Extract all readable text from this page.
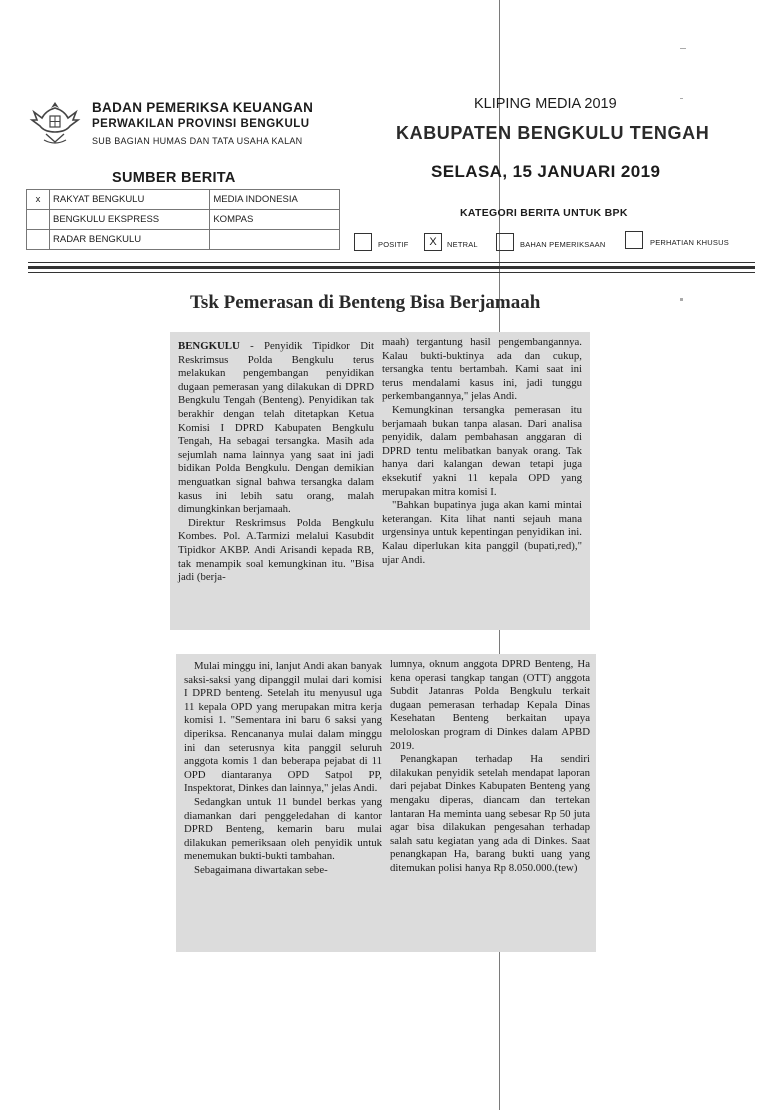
BADAN PEMERIKSA KEUANGAN
PERWAKILAN PROVINSI BENGKULU
SUB BAGIAN HUMAS DAN TATA USAHA KALAN
KLIPING MEDIA 2019
KABUPATEN BENGKULU TENGAH
SELASA, 15 JANUARI 2019
SUMBER BERITA
x	RAKYAT BENGKULU	MEDIA INDONESIA
	BENGKULU EKSPRESS	KOMPAS
	RADAR BENGKULU	
KATEGORI BERITA UNTUK BPK
POSITIF	X	NETRAL	BAHAN PEMERIKSAAN	PERHATIAN KHUSUS
Tsk Pemerasan di Benteng Bisa Berjamaah

BENGKULU - Penyidik Tipidkor Dit Reskrimsus Polda Bengkulu terus melakukan pengembangan penyidikan dugaan pemerasan yang dilakukan di DPRD Bengkulu Tengah (Benteng). Penyidikan tak berakhir dengan telah ditetapkan Ketua Komisi I DPRD Kabupaten Bengkulu Tengah, Ha sebagai tersangka. Masih ada sejumlah nama lainnya yang saat ini jadi bidikan Polda Bengkulu. Dengan demikian menguatkan signal bahwa tersangka dalam kasus ini lebih satu orang, malah dimungkinkan berjamaah.

Direktur Reskrimsus Polda Bengkulu Kombes. Pol. A.Tarmizi melalui Kasubdit Tipidkor AKBP. Andi Arisandi kepada RB, tak menampik soal kemungkinan itu. "Bisa jadi (berja-

maah) tergantung hasil pengembangannya. Kalau bukti-buktinya ada dan cukup, tersangka tentu bertambah. Kami saat ini terus mendalami kasus ini, jadi tunggu perkembangannya," jelas Andi.

Kemungkinan tersangka pemerasan itu berjamaah bukan tanpa alasan. Dari analisa penyidik, dalam pembahasan anggaran di DPRD tentu melibatkan banyak orang. Tak hanya dari kalangan dewan tetapi juga eksekutif yakni 11 kepala OPD yang merupakan mitra komisi I.

"Bahkan bupatinya juga akan kami mintai keterangan. Kita lihat nanti sejauh mana urgensinya untuk kepentingan penyidikan ini. Kalau diperlukan kita panggil (bupati,red)," ujar Andi.

Mulai minggu ini, lanjut Andi akan banyak saksi-saksi yang dipanggil mulai dari komisi I DPRD benteng. Setelah itu menyusul uga 11 kepala OPD yang merupakan mitra kerja komisi 1. "Sementara ini baru 6 saksi yang diperiksa. Rencananya mulai dalam minggu ini dan seterusnya kita panggil seluruh anggota komis 1 dan beberapa pejabat di 11 OPD diantaranya OPD Satpol PP, Inspektorat, Dinkes dan lainnya," jelas Andi.

Sedangkan untuk 11 bundel berkas yang diamankan dari penggeledahan di kantor DPRD Benteng, kemarin baru mulai dilakukan pemeriksaan oleh penyidik untuk menemukan bukti-bukti tambahan.

Sebagaimana diwartakan sebe-

lumnya, oknum anggota DPRD Benteng, Ha kena operasi tangkap tangan (OTT) anggota Subdit Jatanras Polda Bengkulu terkait dugaan pemerasan terhadap Kepala Dinas Kesehatan Benteng berkaitan upaya meloloskan program di Dinkes dalam APBD 2019.

Penangkapan terhadap Ha sendiri dilakukan penyidik setelah mendapat laporan dari pejabat Dinkes Kabupaten Benteng yang mengaku diperas, diancam dan tertekan lantaran Ha meminta uang sebesar Rp 50 juta agar bisa dilakukan pengesahan terhadap salah satu kegiatan yang ada di Dinkes. Saat penangkapan Ha, barang bukti uang yang ditemukan polisi hanya Rp 8.050.000.(tew)
